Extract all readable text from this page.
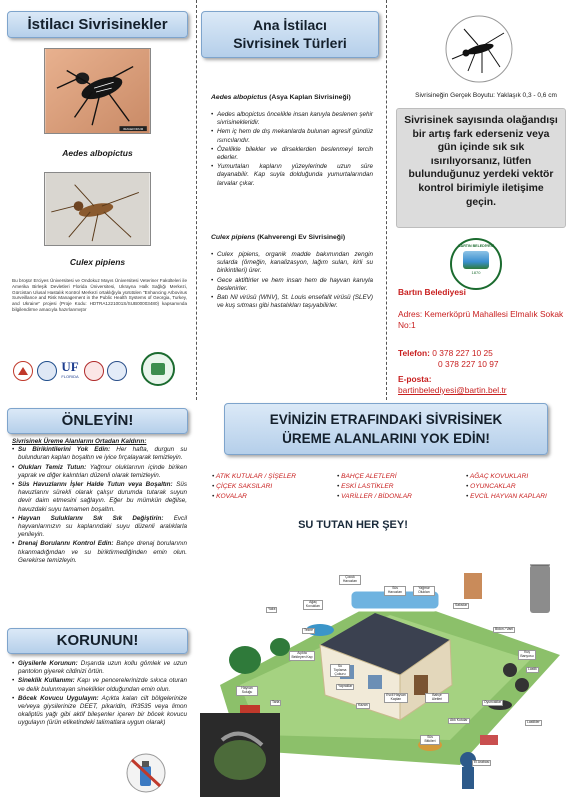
İstilacı Sivrisinekler
IMAGEFORUM
Aedes albopictus
Culex pipiens
Bu broşür Erciyes Üniversitesi ve Ondokuz Mayıs Üniversitesi Veteriner Fakülteleri ile Amerika Birleşik Devletleri Florida Üniversitesi, Ukrayna Halk Sağlığı Merkezi, Gürcistan Ulusal Hastalık Kontrol Merkezi ortaklığıyla yürütülen "Enhancing Arbovirus Surveillance and Risk Management in the Public Health Systems of Georgia, Turkey, and Ukraine" projesi (Proje Kodu: HDTRA1221001S/SUB00003480) kapsamında bilgilendirme amacıyla hazırlanmıştır
UF
FLORIDA
Ana İstilacı
Sivrisinek Türleri
Aedes albopictus (Asya Kaplan Sivrisineği)
• Aedes albopictus öncelikle insan kanıyla beslenen şehir sivrisinekleridir.
• Hem iç hem de dış mekanlarda bulunan agresif gündüz ısırıcılarıdır.
• Özellikle bilekler ve dirseklerden beslenmeyi tercih ederler.
• Yumurtaları kapların yüzeylerinde uzun süre dayanabilir. Kap suyla dolduğunda yumurtalarından larvalar çıkar.
Culex pipiens (Kahverengi Ev Sivrisineği)
• Culex pipiens, organik madde bakımından zengin sularda (örneğin, kanalizasyon, lağım suları, kirli su birikintileri) ürer.
• Gece aktiftirler ve hem insan hem de hayvan kanıyla beslenirler.
• Batı Nil virüsü (WNV), St. Louis ensefalit virüsü (SLEV) ve kuş sıtması gibi hastalıkları taşıyabilirler.
Sivrisineğin Gerçek Boyutu: Yaklaşık 0,3 - 0,6 cm
Sivrisinek sayısında olağandışı bir artış fark ederseniz veya gün içinde sık sık ısırılıyorsanız, lütfen bulunduğunuz yerdeki vektör kontrol birimiyle iletişime geçin.
BARTIN BELEDİYESİ
1870
Bartın Belediyesi
Adres: Kemerköprü Mahallesi Elmalık Sokak No:1
Telefon: 0 378 227 10 25
0 378 227 10 97
E-posta:
bartinbelediyesi@bartin.bel.tr
ÖNLEYİN!
Sivrisinek Üreme Alanlarını Ortadan Kaldırın:
• Su Birikintilerini Yok Edin: Her hafta, durgun su bulunduran kapları boşaltın ve iyice fırçalayarak temizleyin.
• Olukları Temiz Tutun: Yağmur oluklarının içinde biriken yaprak ve diğer kalıntıları düzenli olarak temizleyin.
• Süs Havuzlarını İşler Halde Tutun veya Boşaltın: Süs havuzlarını sürekli olarak çalışır durumda tutarak suyun devir daim etmesini sağlayın. Eğer bu mümkün değilse, havuzdaki suyu tamamen boşaltın.
• Hayvan Suluklarını Sık Sık Değiştirin: Evcil hayvanlarınızın su kaplarındaki suyu düzenli aralıklarla yenileyin.
• Drenaj Borularını Kontrol Edin: Bahçe drenaj borularının tıkanmadığından ve su biriktirmediğinden emin olun. Gerekirse temizleyin.
KORUNUN!
• Giysilerle Korunun: Dışarıda uzun kollu gömlek ve uzun pantolon giyerek cildinizi örtün.
• Sineklik Kullanımı: Kapı ve pencerelerinizde sıkıca oturan ve delik bulunmayan sineklikler olduğundan emin olun.
• Böcek Kovucu Uygulayın: Açıkta kalan cilt bölgelerinize ve/veya giysilerinize DEET, pikaridin, IR3535 veya limon okaliptüs yağı gibi aktif bileşenler içeren bir böcek kovucu uygulayın (ürün etiketindeki talimatlara uygun olarak)
EVİNİZİN ETRAFINDAKİ SİVRİSİNEK
ÜREME ALANLARINI YOK EDİN!
• ATIK KUTULAR / ŞİŞELER
• ÇİÇEK SAKSILARI
• KOVALAR
• BAHÇE ALETLERİ
• ESKİ LASTİKLER
• VARİLLER / BİDONLAR
• AĞAÇ KOVUKLARI
• OYUNCAKLAR
• EVCİL HAYVAN KAPLARI
SU TUTAN HER ŞEY!
Yakıt
Ağaç Kovukları
Çocuk Havuzları
Süs Havuzları
Yağmur Olukları
Saksılar
Bidon / Varil
Kuş Banyosu
Lastik
Oyuncaklar
Su Toplama Çukuru
Tekne
Açıkta Bekleyen Kap
Yapraklar
Tarla
Hayvan Suluğu
Evcil Hayvan Kapları
Bahçe Aletleri
Kazan
Lastikler
El Arabası
Süs Bitkileri
Atık Kutular
